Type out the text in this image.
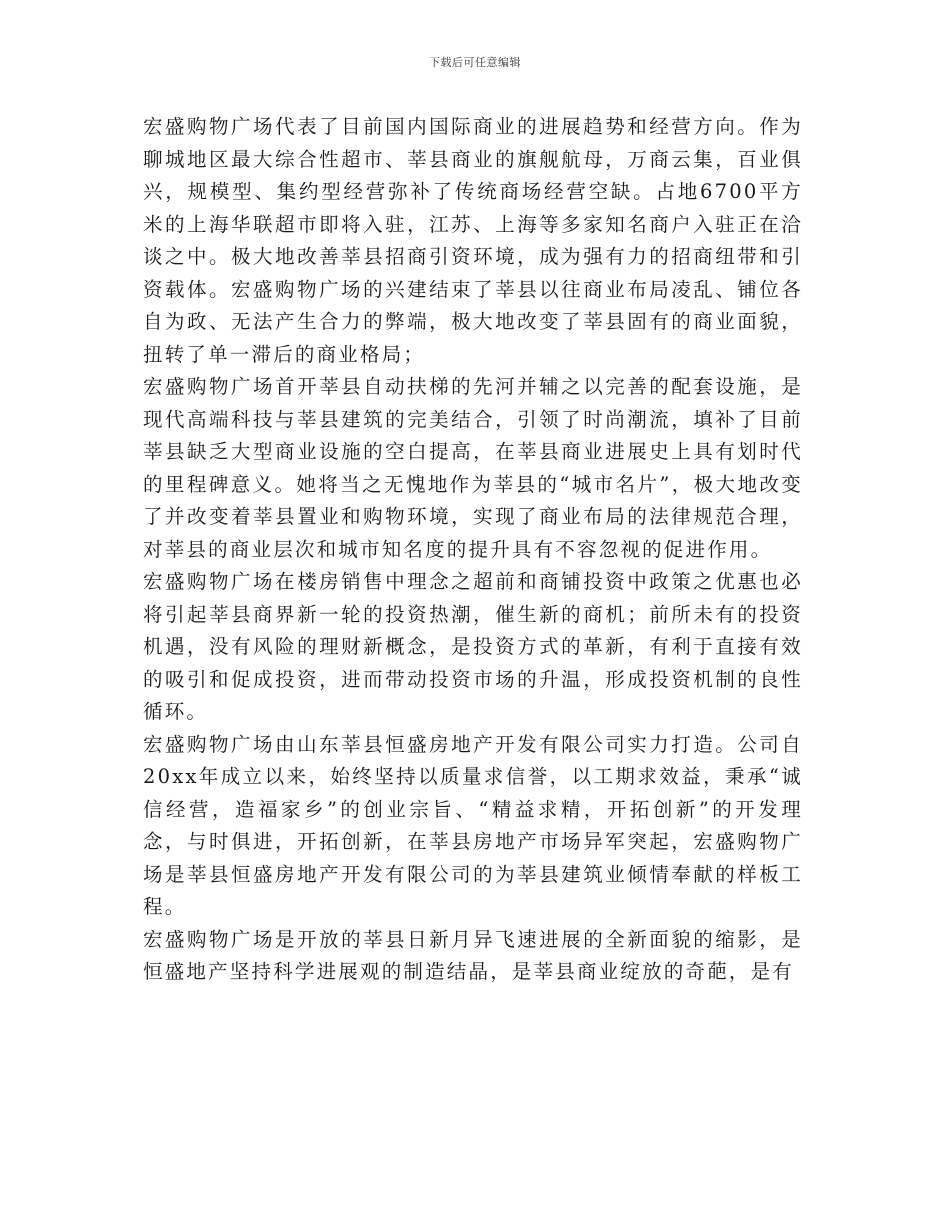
下载后可任意编辑

宏盛购物广场代表了目前国内国际商业的进展趋势和经营方向。作为聊城地区最大综合性超市、莘县商业的旗舰航母，万商云集，百业俱兴，规模型、集约型经营弥补了传统商场经营空缺。占地6700平方米的上海华联超市即将入驻，江苏、上海等多家知名商户入驻正在洽谈之中。极大地改善莘县招商引资环境，成为强有力的招商纽带和引资载体。宏盛购物广场的兴建结束了莘县以往商业布局凌乱、铺位各自为政、无法产生合力的弊端，极大地改变了莘县固有的商业面貌，扭转了单一滞后的商业格局；

宏盛购物广场首开莘县自动扶梯的先河并辅之以完善的配套设施，是现代高端科技与莘县建筑的完美结合，引领了时尚潮流，填补了目前莘县缺乏大型商业设施的空白提高，在莘县商业进展史上具有划时代的里程碑意义。她将当之无愧地作为莘县的“城市名片”，极大地改变了并改变着莘县置业和购物环境，实现了商业布局的法律规范合理，对莘县的商业层次和城市知名度的提升具有不容忽视的促进作用。

宏盛购物广场在楼房销售中理念之超前和商铺投资中政策之优惠也必将引起莘县商界新一轮的投资热潮，催生新的商机；前所未有的投资机遇，没有风险的理财新概念，是投资方式的革新，有利于直接有效的吸引和促成投资，进而带动投资市场的升温，形成投资机制的良性循环。

宏盛购物广场由山东莘县恒盛房地产开发有限公司实力打造。公司自20xx年成立以来，始终坚持以质量求信誉，以工期求效益，秉承“诚信经营，造福家乡”的创业宗旨、“精益求精，开拓创新”的开发理念，与时俱进，开拓创新，在莘县房地产市场异军突起，宏盛购物广场是莘县恒盛房地产开发有限公司的为莘县建筑业倾情奉献的样板工程。

宏盛购物广场是开放的莘县日新月异飞速进展的全新面貌的缩影，是恒盛地产坚持科学进展观的制造结晶，是莘县商业绽放的奇葩，是有
